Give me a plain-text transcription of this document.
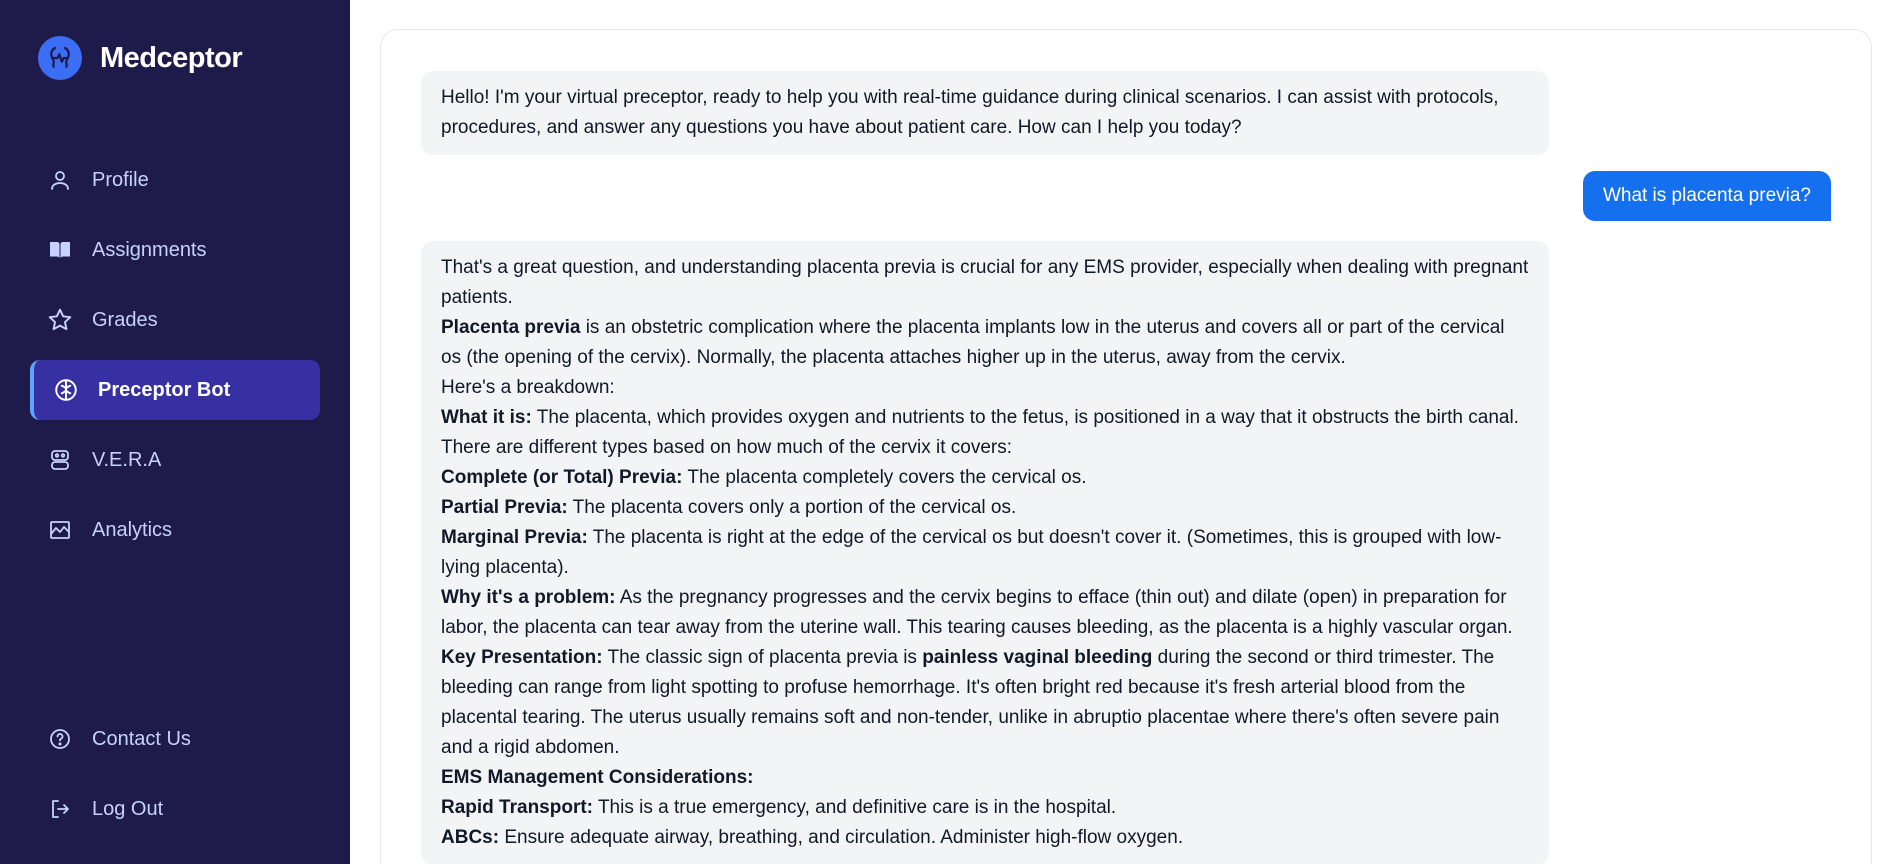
Medceptor
Profile
Assignments
Grades
Preceptor Bot
V.E.R.A
Analytics
Contact Us
Log Out
Hello! I'm your virtual preceptor, ready to help you with real-time guidance during clinical scenarios. I can assist with protocols, procedures, and answer any questions you have about patient care. How can I help you today?
What is placenta previa?
That's a great question, and understanding placenta previa is crucial for any EMS provider, especially when dealing with pregnant patients.
Placenta previa is an obstetric complication where the placenta implants low in the uterus and covers all or part of the cervical os (the opening of the cervix). Normally, the placenta attaches higher up in the uterus, away from the cervix.
Here's a breakdown:
What it is: The placenta, which provides oxygen and nutrients to the fetus, is positioned in a way that it obstructs the birth canal. There are different types based on how much of the cervix it covers:
Complete (or Total) Previa: The placenta completely covers the cervical os.
Partial Previa: The placenta covers only a portion of the cervical os.
Marginal Previa: The placenta is right at the edge of the cervical os but doesn't cover it. (Sometimes, this is grouped with low-lying placenta).
Why it's a problem: As the pregnancy progresses and the cervix begins to efface (thin out) and dilate (open) in preparation for labor, the placenta can tear away from the uterine wall. This tearing causes bleeding, as the placenta is a highly vascular organ.
Key Presentation: The classic sign of placenta previa is painless vaginal bleeding during the second or third trimester. The bleeding can range from light spotting to profuse hemorrhage. It's often bright red because it's fresh arterial blood from the placental tearing. The uterus usually remains soft and non-tender, unlike in abruptio placentae where there's often severe pain and a rigid abdomen.
EMS Management Considerations:
Rapid Transport: This is a true emergency, and definitive care is in the hospital.
ABCs: Ensure adequate airway, breathing, and circulation. Administer high-flow oxygen.
